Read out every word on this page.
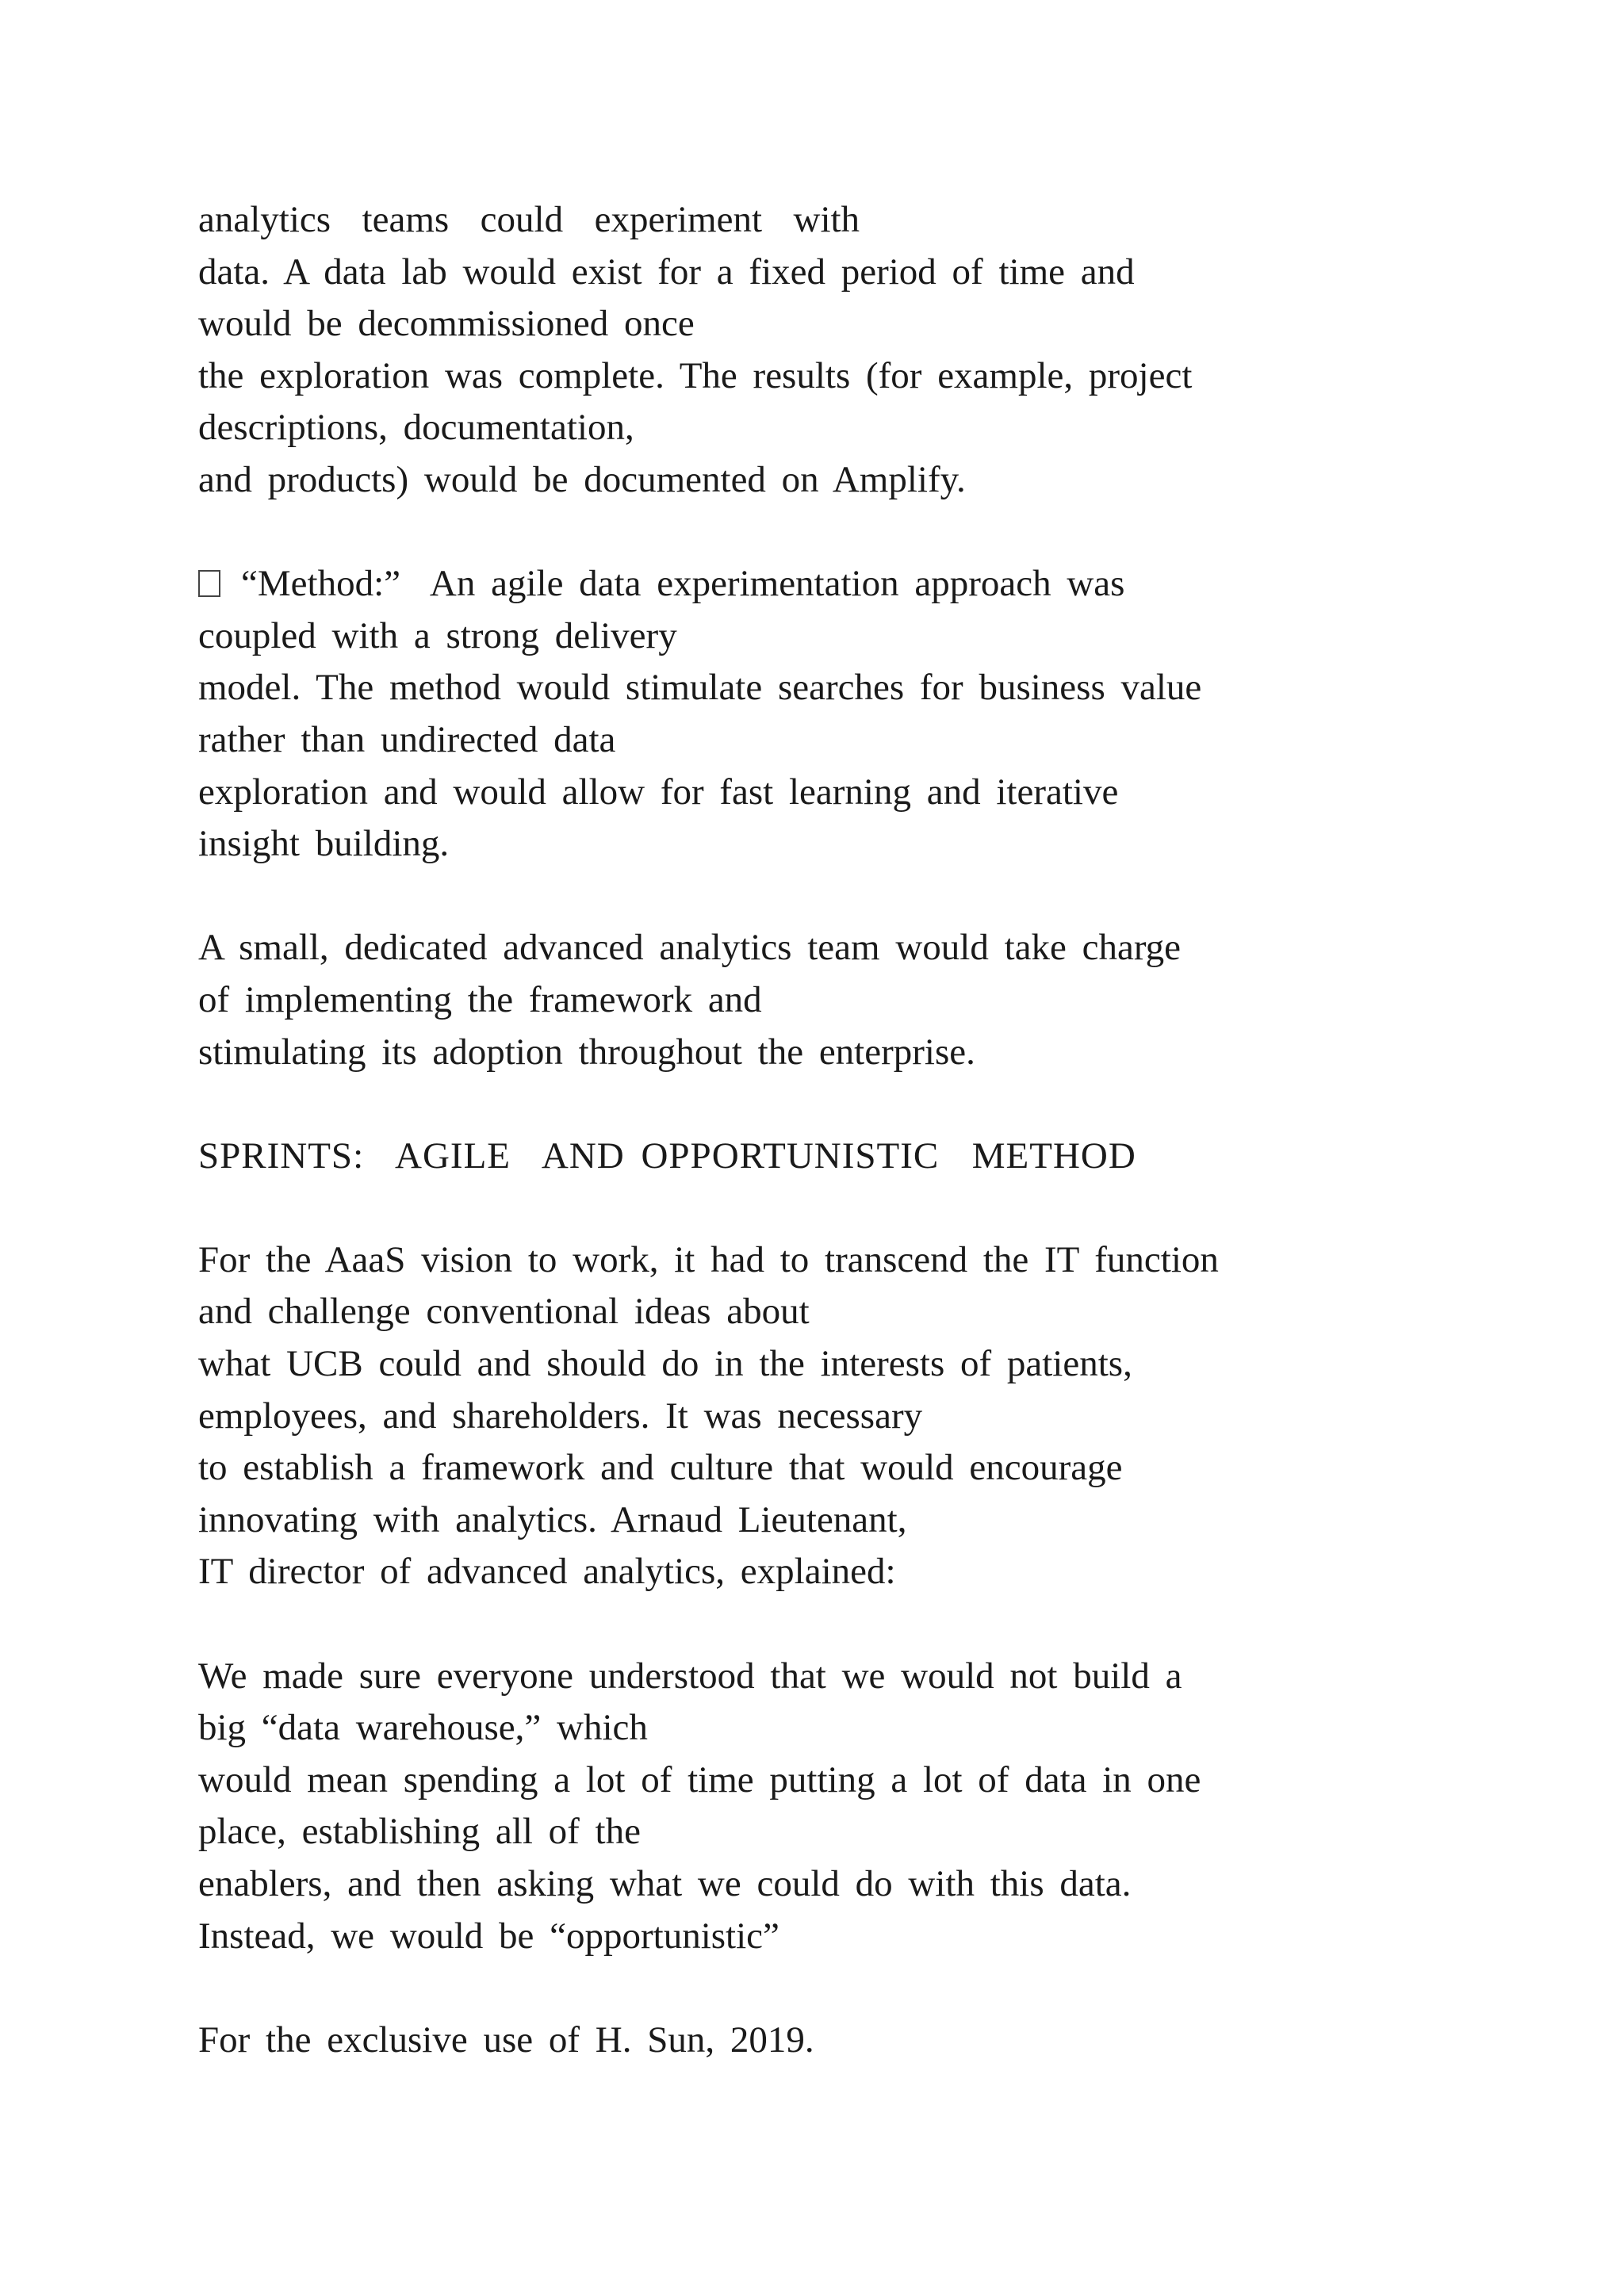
analytics  teams  could  experiment  with
data. A data lab would exist for a fixed period of time and
would be decommissioned once
the exploration was complete. The results (for example, project
descriptions, documentation,
and products) would be documented on Amplify.
“Method:”  An agile data experimentation approach was
coupled with a strong delivery
model. The method would stimulate searches for business value
rather than undirected data
exploration and would allow for fast learning and iterative
insight building.
A small, dedicated advanced analytics team would take charge
of implementing the framework and
stimulating its adoption throughout the enterprise.
SPRINTS:  AGILE  AND OPPORTUNISTIC  METHOD
For the AaaS vision to work, it had to transcend the IT function
and challenge conventional ideas about
what UCB could and should do in the interests of patients,
employees, and shareholders. It was necessary
to establish a framework and culture that would encourage
innovating with analytics. Arnaud Lieutenant,
IT director of advanced analytics, explained:
We made sure everyone understood that we would not build a
big “data warehouse,” which
would mean spending a lot of time putting a lot of data in one
place, establishing all of the
enablers, and then asking what we could do with this data.
Instead, we would be “opportunistic”
For the exclusive use of H. Sun, 2019.
